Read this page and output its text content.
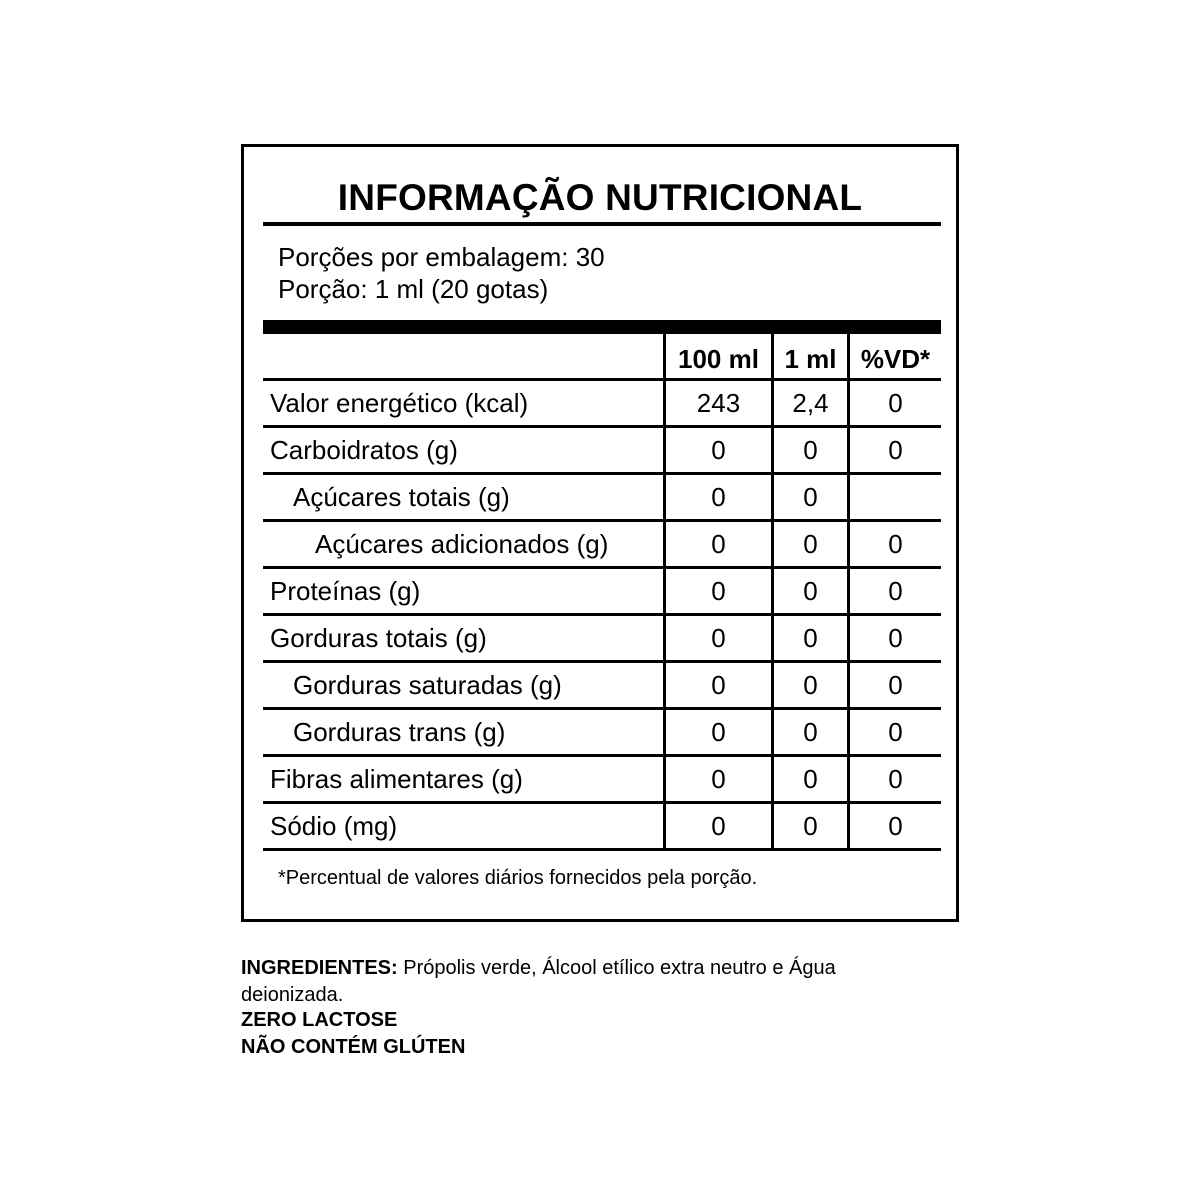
INFORMAÇÃO NUTRICIONAL
Porções por embalagem: 30
Porção: 1 ml (20 gotas)
100 ml 1 ml %VD*
Valor energético (kcal)	243	2,4	0
Carboidratos (g)	0	0	0
Açúcares totais (g)	0	0
Açúcares adicionados (g)	0	0	0
Proteínas (g)	0	0	0
Gorduras totais (g)	0	0	0
Gorduras saturadas (g)	0	0	0
Gorduras trans (g)	0	0	0
Fibras alimentares (g)	0	0	0
Sódio (mg)	0	0	0
*Percentual de valores diários fornecidos pela porção.
INGREDIENTES: Própolis verde, Álcool etílico extra neutro e Água deionizada.
ZERO LACTOSE
NÃO CONTÉM GLÚTEN
